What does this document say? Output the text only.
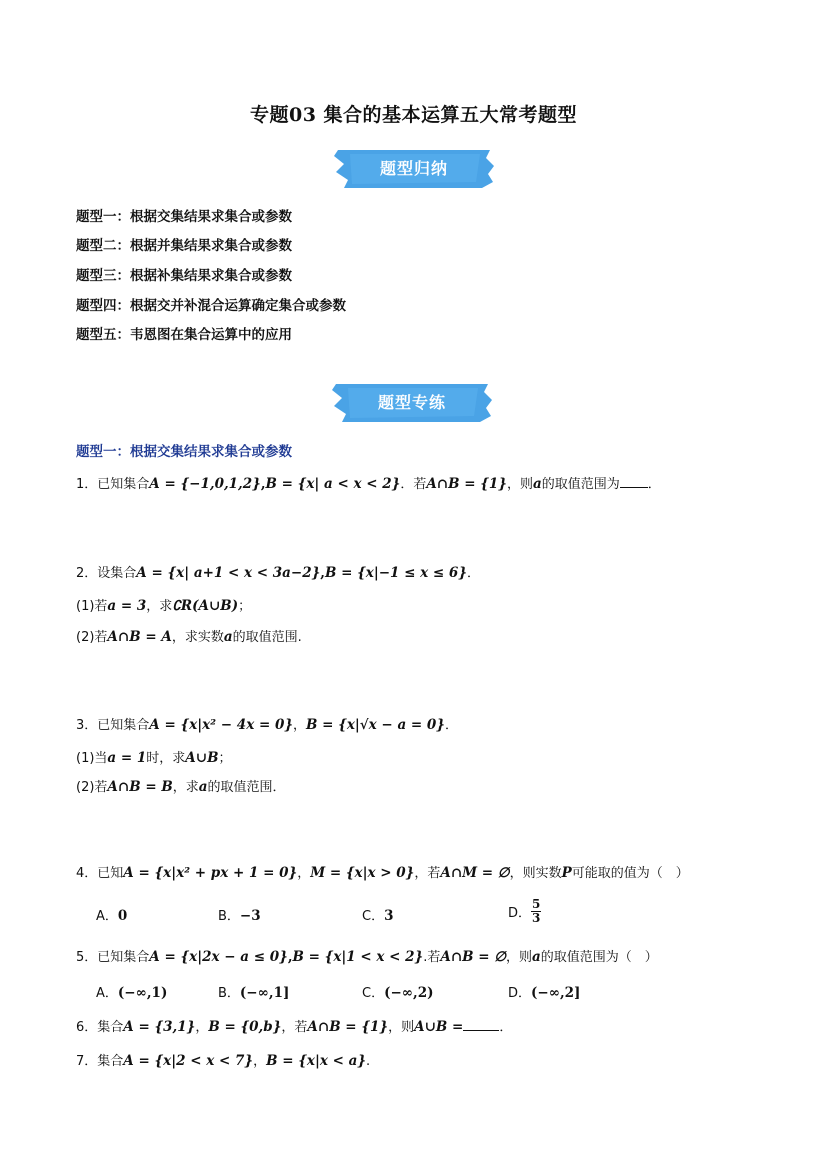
专题03 集合的基本运算五大常考题型
题型归纳
题型一：根据交集结果求集合或参数
题型二：根据并集结果求集合或参数
题型三：根据补集结果求集合或参数
题型四：根据交并补混合运算确定集合或参数
题型五：韦恩图在集合运算中的应用
题型专练
题型一：根据交集结果求集合或参数
1．已知集合A = {−1,0,1,2},B = {x| a < x < 2}．若A∩B = {1}，则a的取值范围为 ．
2．设集合A = {x| a+1 < x < 3a−2},B = {x|−1 ≤ x ≤ 6}．
(1)若a = 3，求∁R(A∪B)；
(2)若A∩B = A，求实数a的取值范围.
3．已知集合A = {x|x² − 4x = 0}，B = {x|√x − a = 0}．
(1)当a = 1时，求A∪B；
(2)若A∩B = B，求a的取值范围．
4．已知A = {x|x² + px + 1 = 0}，M = {x|x > 0}，若A∩M = ∅，则实数P可能取的值为（　）
A．0	B．−3	C．3	D． $\frac{5}{3}$
5．已知集合A = {x|2x − a ≤ 0},B = {x|1 < x < 2}.若A∩B = ∅，则a的取值范围为（　）
A．(−∞,1)	B．(−∞,1]	C．(−∞,2)	D．(−∞,2]
6．集合A = {3,1}，B = {0,b}，若A∩B = {1}，则A∪B =	．
7．集合A = {x|2 < x < 7}，B = {x|x < a}.
